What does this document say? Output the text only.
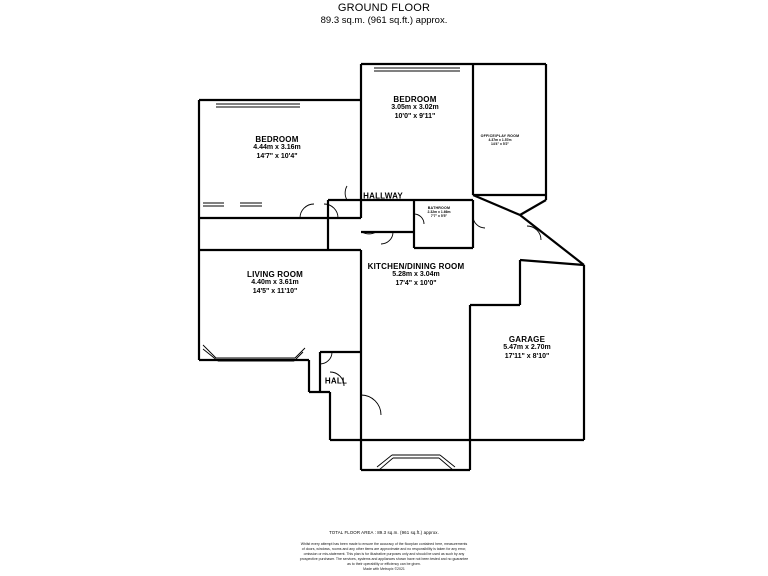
GROUND FLOOR
89.3 sq.m. (961 sq.ft.) approx.
BEDROOM
3.05m x 3.02m
10'0" x 9'11"
BEDROOM
4.44m x 3.16m
14'7" x 10'4"
OFFICE/PLAY ROOM
4.37m x 1.57m
14'4" x 5'2"
HALLWAY
BATHROOM
2.32m x 1.66m
7'7" x 5'5"
LIVING ROOM
4.40m x 3.61m
14'5" x 11'10"
KITCHEN/DINING ROOM
5.28m x 3.04m
17'4" x 10'0"
HALL
GARAGE
5.47m x 2.70m
17'11" x 8'10"
TOTAL FLOOR AREA : 89.3 sq.m. (961 sq.ft.) approx.
Whilst every attempt has been made to ensure the accuracy of the floorplan contained here, measurements
of doors, windows, rooms and any other items are approximate and no responsibility is taken for any error,
omission or mis-statement. This plan is for illustrative purposes only and should be used as such by any
prospective purchaser. The services, systems and appliances shown have not been tested and no guarantee
as to their operability or efficiency can be given.
Made with Metropix ©2021
